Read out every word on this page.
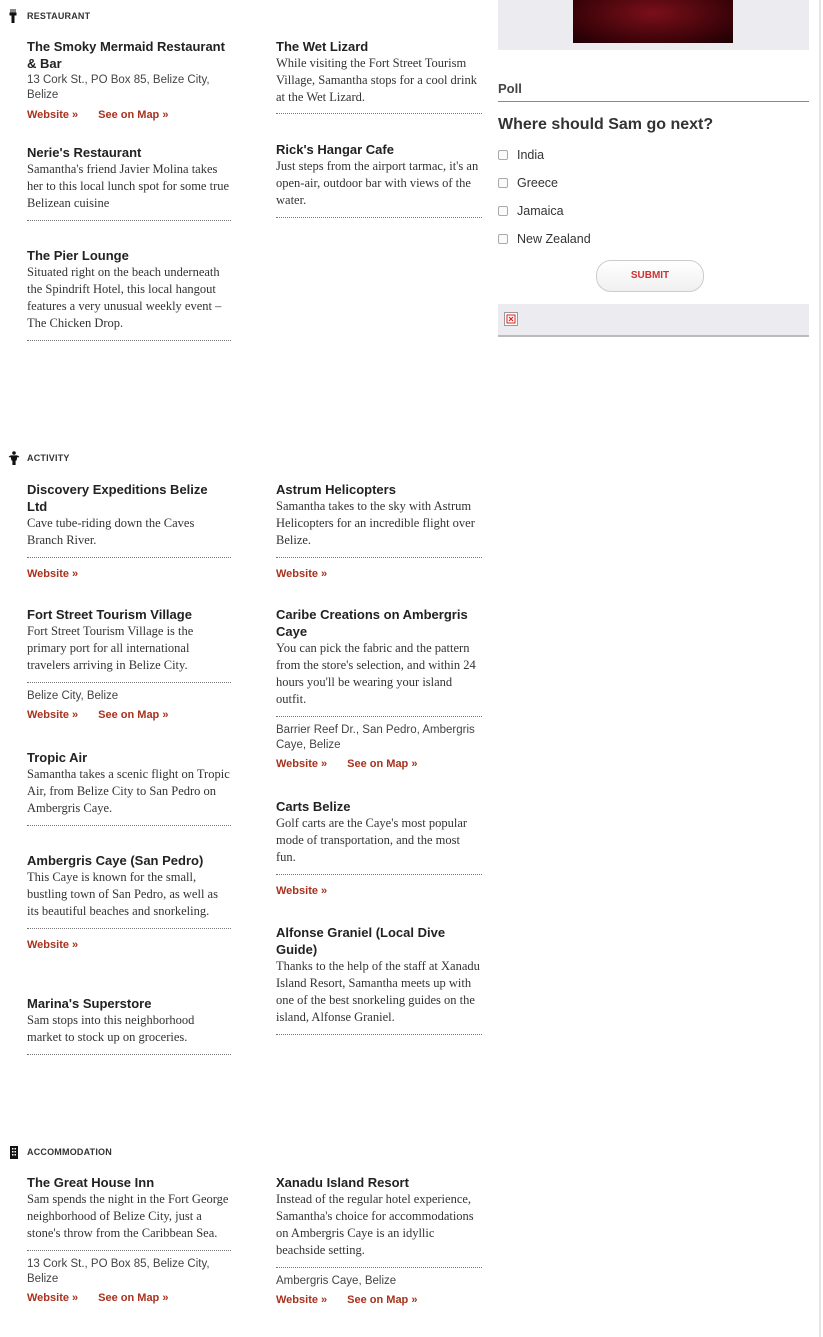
RESTAURANT

The Smoky Mermaid Restaurant & Bar

13 Cork St., PO Box 85, Belize City, Belize

Website » See on Map »

The Wet Lizard

While visiting the Fort Street Tourism Village, Samantha stops for a cool drink at the Wet Lizard.

Nerie's Restaurant

Samantha's friend Javier Molina takes her to this local lunch spot for some true Belizean cuisine

Rick's Hangar Cafe

Just steps from the airport tarmac, it's an open-air, outdoor bar with views of the water.

The Pier Lounge

Situated right on the beach underneath the Spindrift Hotel, this local hangout features a very unusual weekly event – The Chicken Drop.

Poll
Where should Sam go next?
India
Greece
Jamaica
New Zealand
SUBMIT
ACTIVITY

Discovery Expeditions Belize Ltd

Cave tube-riding down the Caves Branch River.

Website »

Astrum Helicopters

Samantha takes to the sky with Astrum Helicopters for an incredible flight over Belize.

Website »

Fort Street Tourism Village

Fort Street Tourism Village is the primary port for all international travelers arriving in Belize City.

Belize City, Belize

Website » See on Map »

Caribe Creations on Ambergris Caye

You can pick the fabric and the pattern from the store's selection, and within 24 hours you'll be wearing your island outfit.

Barrier Reef Dr., San Pedro, Ambergris Caye, Belize

Website » See on Map »

Tropic Air

Samantha takes a scenic flight on Tropic Air, from Belize City to San Pedro on Ambergris Caye.	Carts Belize

Golf carts are the Caye's most popular mode of transportation, and the most fun.

Website »

Ambergris Caye (San Pedro)

This Caye is known for the small, bustling town of San Pedro, as well as its beautiful beaches and snorkeling.

Website »

Alfonse Graniel (Local Dive Guide)

Thanks to the help of the staff at Xanadu Island Resort, Samantha meets up with one of the best snorkeling guides on the island, Alfonse Graniel.

Marina's Superstore

Sam stops into this neighborhood market to stock up on groceries.

ACCOMMODATION

The Great House Inn

Sam spends the night in the Fort George neighborhood of Belize City, just a stone's throw from the Caribbean Sea.

13 Cork St., PO Box 85, Belize City, Belize

Website » See on Map »

Xanadu Island Resort

Instead of the regular hotel experience, Samantha's choice for accommodations on Ambergris Caye is an idyllic beachside setting.

Ambergris Caye, Belize

Website » See on Map »
